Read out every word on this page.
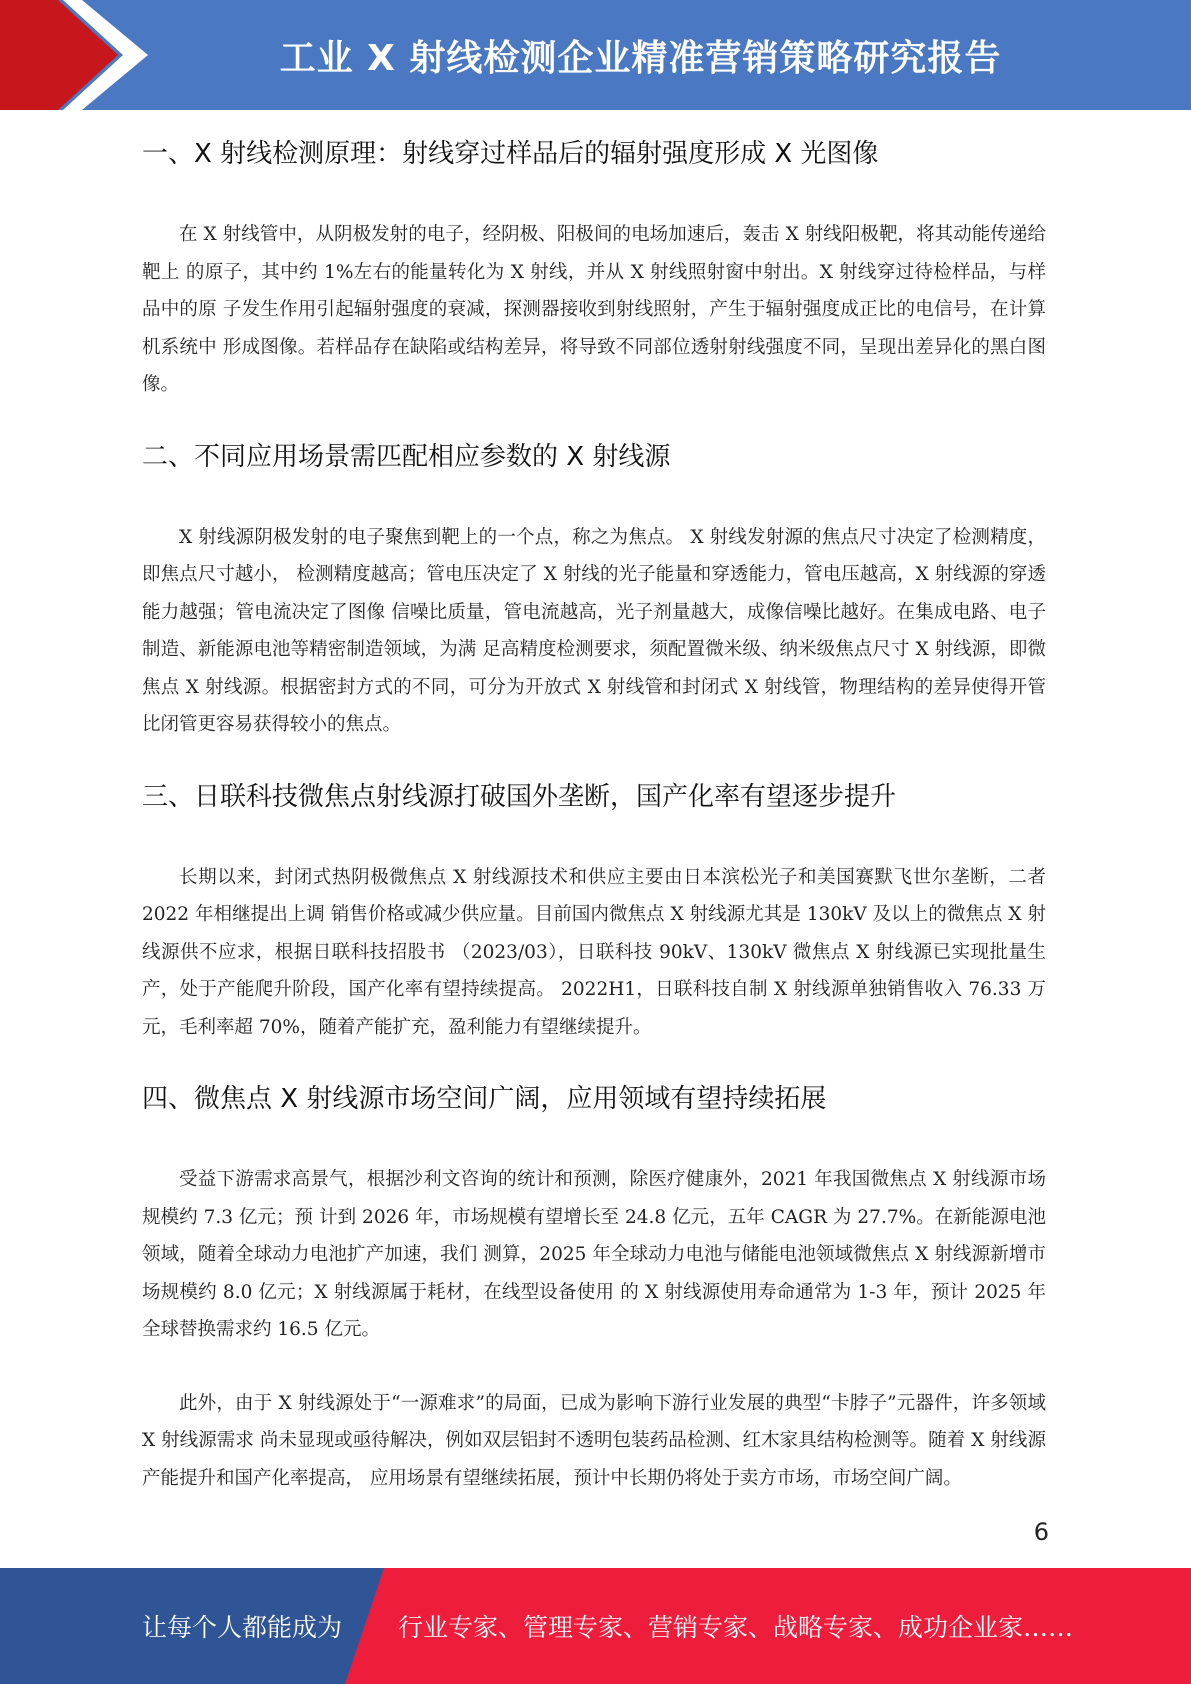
工业 X 射线检测企业精准营销策略研究报告
一、X 射线检测原理：射线穿过样品后的辐射强度形成 X 光图像

在 X 射线管中，从阴极发射的电子，经阴极、阳极间的电场加速后，轰击 X 射线阳极靶，将其动能传递给靶上 的原子，其中约 1%左右的能量转化为 X 射线，并从 X 射线照射窗中射出。X 射线穿过待检样品，与样品中的原 子发生作用引起辐射强度的衰减，探测器接收到射线照射，产生于辐射强度成正比的电信号，在计算机系统中 形成图像。若样品存在缺陷或结构差异，将导致不同部位透射射线强度不同，呈现出差异化的黑白图像。

二、不同应用场景需匹配相应参数的 X 射线源

X 射线源阴极发射的电子聚焦到靶上的一个点，称之为焦点。 X 射线发射源的焦点尺寸决定了检测精度，即焦点尺寸越小， 检测精度越高；管电压决定了 X 射线的光子能量和穿透能力，管电压越高，X 射线源的穿透能力越强；管电流决定了图像 信噪比质量，管电流越高，光子剂量越大，成像信噪比越好。在集成电路、电子制造、新能源电池等精密制造领域，为满 足高精度检测要求，须配置微米级、纳米级焦点尺寸 X 射线源，即微焦点 X 射线源。根据密封方式的不同，可分为开放式 X 射线管和封闭式 X 射线管，物理结构的差异使得开管比闭管更容易获得较小的焦点。

三、日联科技微焦点射线源打破国外垄断，国产化率有望逐步提升

长期以来，封闭式热阴极微焦点 X 射线源技术和供应主要由日本滨松光子和美国赛默飞世尔垄断，二者 2022 年相继提出上调 销售价格或减少供应量。目前国内微焦点 X 射线源尤其是 130kV 及以上的微焦点 X 射线源供不应求，根据日联科技招股书 （2023/03），日联科技 90kV、130kV 微焦点 X 射线源已实现批量生产，处于产能爬升阶段，国产化率有望持续提高。 2022H1，日联科技自制 X 射线源单独销售收入 76.33 万元，毛利率超 70%，随着产能扩充，盈利能力有望继续提升。

四、微焦点 X 射线源市场空间广阔，应用领域有望持续拓展

受益下游需求高景气，根据沙利文咨询的统计和预测，除医疗健康外，2021 年我国微焦点 X 射线源市场规模约 7.3 亿元；预 计到 2026 年，市场规模有望增长至 24.8 亿元，五年 CAGR 为 27.7%。在新能源电池领域，随着全球动力电池扩产加速，我们 测算，2025 年全球动力电池与储能电池领域微焦点 X 射线源新增市场规模约 8.0 亿元；X 射线源属于耗材，在线型设备使用 的 X 射线源使用寿命通常为 1-3 年，预计 2025 年全球替换需求约 16.5 亿元。

此外，由于 X 射线源处于“一源难求”的局面，已成为影响下游行业发展的典型“卡脖子”元器件，许多领域 X 射线源需求 尚未显现或亟待解决，例如双层铝封不透明包装药品检测、红木家具结构检测等。随着 X 射线源产能提升和国产化率提高， 应用场景有望继续拓展，预计中长期仍将处于卖方市场，市场空间广阔。

6
让每个人都能成为 行业专家、管理专家、营销专家、战略专家、成功企业家……
